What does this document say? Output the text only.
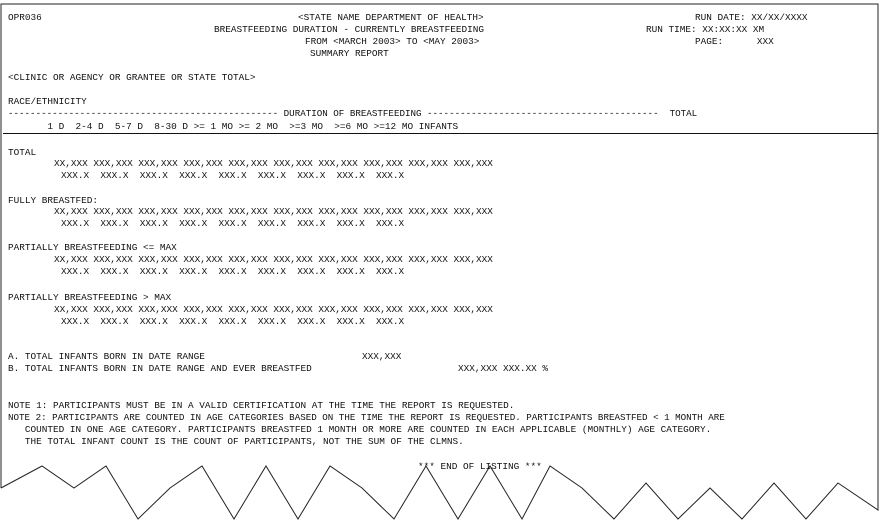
OPR036	<STATE NAME DEPARTMENT OF HEALTH>	RUN DATE: XX/XX/XXXX
BREASTFEEDING DURATION - CURRENTLY BREASTFEEDING	RUN TIME: XX:XX:XX XM
FROM <MARCH 2003> TO <MAY 2003>	PAGE:      XXX
SUMMARY REPORT
<CLINIC OR AGENCY OR GRANTEE OR STATE TOTAL>
RACE/ETHNICITY
------------------------------------------------- DURATION OF BREASTFEEDING ------------------------------------------  TOTAL
1 D  2-4 D  5-7 D  8-30 D >= 1 MO >= 2 MO  >=3 MO  >=6 MO >=12 MO INFANTS
TOTAL
XX,XXX XXX,XXX XXX,XXX XXX,XXX XXX,XXX XXX,XXX XXX,XXX XXX,XXX XXX,XXX XXX,XXX
XXX.X  XXX.X  XXX.X  XXX.X  XXX.X  XXX.X  XXX.X  XXX.X  XXX.X
FULLY BREASTFED:
XX,XXX XXX,XXX XXX,XXX XXX,XXX XXX,XXX XXX,XXX XXX,XXX XXX,XXX XXX,XXX XXX,XXX
XXX.X  XXX.X  XXX.X  XXX.X  XXX.X  XXX.X  XXX.X  XXX.X  XXX.X
PARTIALLY BREASTFEEDING <= MAX
XX,XXX XXX,XXX XXX,XXX XXX,XXX XXX,XXX XXX,XXX XXX,XXX XXX,XXX XXX,XXX XXX,XXX
XXX.X  XXX.X  XXX.X  XXX.X  XXX.X  XXX.X  XXX.X  XXX.X  XXX.X
PARTIALLY BREASTFEEDING > MAX
XX,XXX XXX,XXX XXX,XXX XXX,XXX XXX,XXX XXX,XXX XXX,XXX XXX,XXX XXX,XXX XXX,XXX
XXX.X  XXX.X  XXX.X  XXX.X  XXX.X  XXX.X  XXX.X  XXX.X  XXX.X
A. TOTAL INFANTS BORN IN DATE RANGE	XXX,XXX
B. TOTAL INFANTS BORN IN DATE RANGE AND EVER BREASTFED	XXX,XXX XXX.XX %
NOTE 1: PARTICIPANTS MUST BE IN A VALID CERTIFICATION AT THE TIME THE REPORT IS REQUESTED.
NOTE 2: PARTICIPANTS ARE COUNTED IN AGE CATEGORIES BASED ON THE TIME THE REPORT IS REQUESTED. PARTICIPANTS BREASTFED < 1 MONTH ARE
COUNTED IN ONE AGE CATEGORY. PARTICIPANTS BREASTFED 1 MONTH OR MORE ARE COUNTED IN EACH APPLICABLE (MONTHLY) AGE CATEGORY.
THE TOTAL INFANT COUNT IS THE COUNT OF PARTICIPANTS, NOT THE SUM OF THE CLMNS.
*** END OF LISTING ***
